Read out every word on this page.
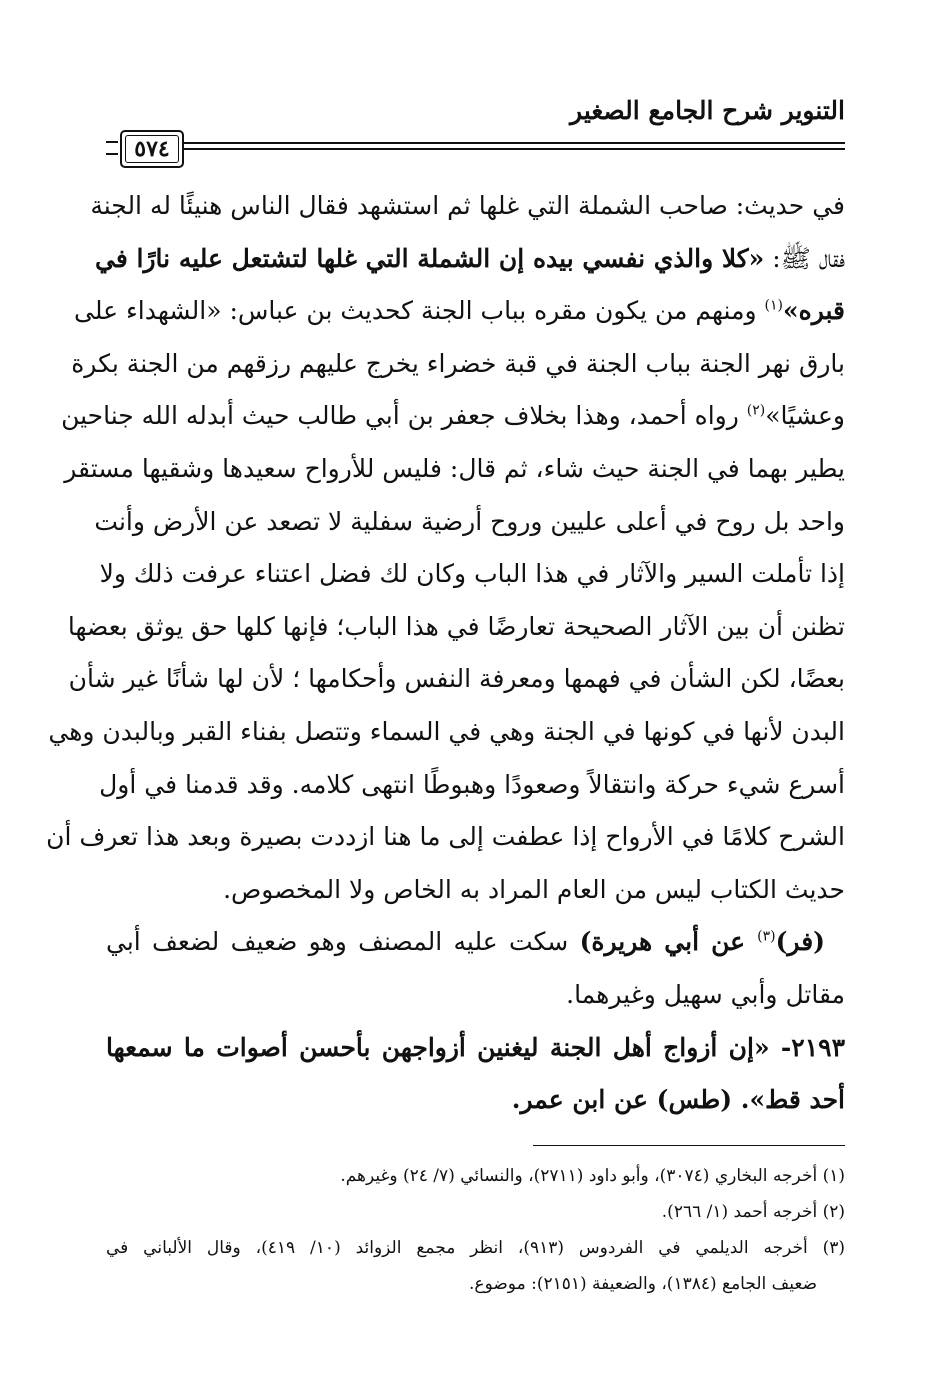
التنوير شرح الجامع الصغير
٥٧٤
في حديث: صاحب الشملة التي غلها ثم استشهد فقال الناس هنيئًا له الجنة
فقال ﷺ: «كلا والذي نفسي بيده إن الشملة التي غلها لتشتعل عليه نارًا في
قبره»$^{(١)}$ ومنهم من يكون مقره بباب الجنة كحديث بن عباس: «الشهداء على
بارق نهر الجنة بباب الجنة في قبة خضراء يخرج عليهم رزقهم من الجنة بكرة
وعشيًا»$^{(٢)}$ رواه أحمد، وهذا بخلاف جعفر بن أبي طالب حيث أبدله الله جناحين
يطير بهما في الجنة حيث شاء، ثم قال: فليس للأرواح سعيدها وشقيها مستقر
واحد بل روح في أعلى عليين وروح أرضية سفلية لا تصعد عن الأرض وأنت
إذا تأملت السير والآثار في هذا الباب وكان لك فضل اعتناء عرفت ذلك ولا
تظنن أن بين الآثار الصحيحة تعارضًا في هذا الباب؛ فإنها كلها حق يوثق بعضها
بعضًا، لكن الشأن في فهمها ومعرفة النفس وأحكامها ؛ لأن لها شأنًا غير شأن
البدن لأنها في كونها في الجنة وهي في السماء وتتصل بفناء القبر وبالبدن وهي
أسرع شيء حركة وانتقالاً وصعودًا وهبوطًا انتهى كلامه. وقد قدمنا في أول
الشرح كلامًا في الأرواح إذا عطفت إلى ما هنا ازددت بصيرة وبعد هذا تعرف أن
حديث الكتاب ليس من العام المراد به الخاص ولا المخصوص.
(فر)$^{(٣)}$ عن أبي هريرة) سكت عليه المصنف وهو ضعيف لضعف أبي
مقاتل وأبي سهيل وغيرهما.
٢١٩٣- «إن أزواج أهل الجنة ليغنين أزواجهن بأحسن أصوات ما سمعها
أحد قط». (طس) عن ابن عمر.
(١) أخرجه البخاري (٣٠٧٤)، وأبو داود (٢٧١١)، والنسائي (٧/ ٢٤) وغيرهم.
(٢) أخرجه أحمد (١/ ٢٦٦).
(٣) أخرجه الديلمي في الفردوس (٩١٣)، انظر مجمع الزوائد (١٠/ ٤١٩)، وقال الألباني في
ضعيف الجامع (١٣٨٤)، والضعيفة (٢١٥١): موضوع.
